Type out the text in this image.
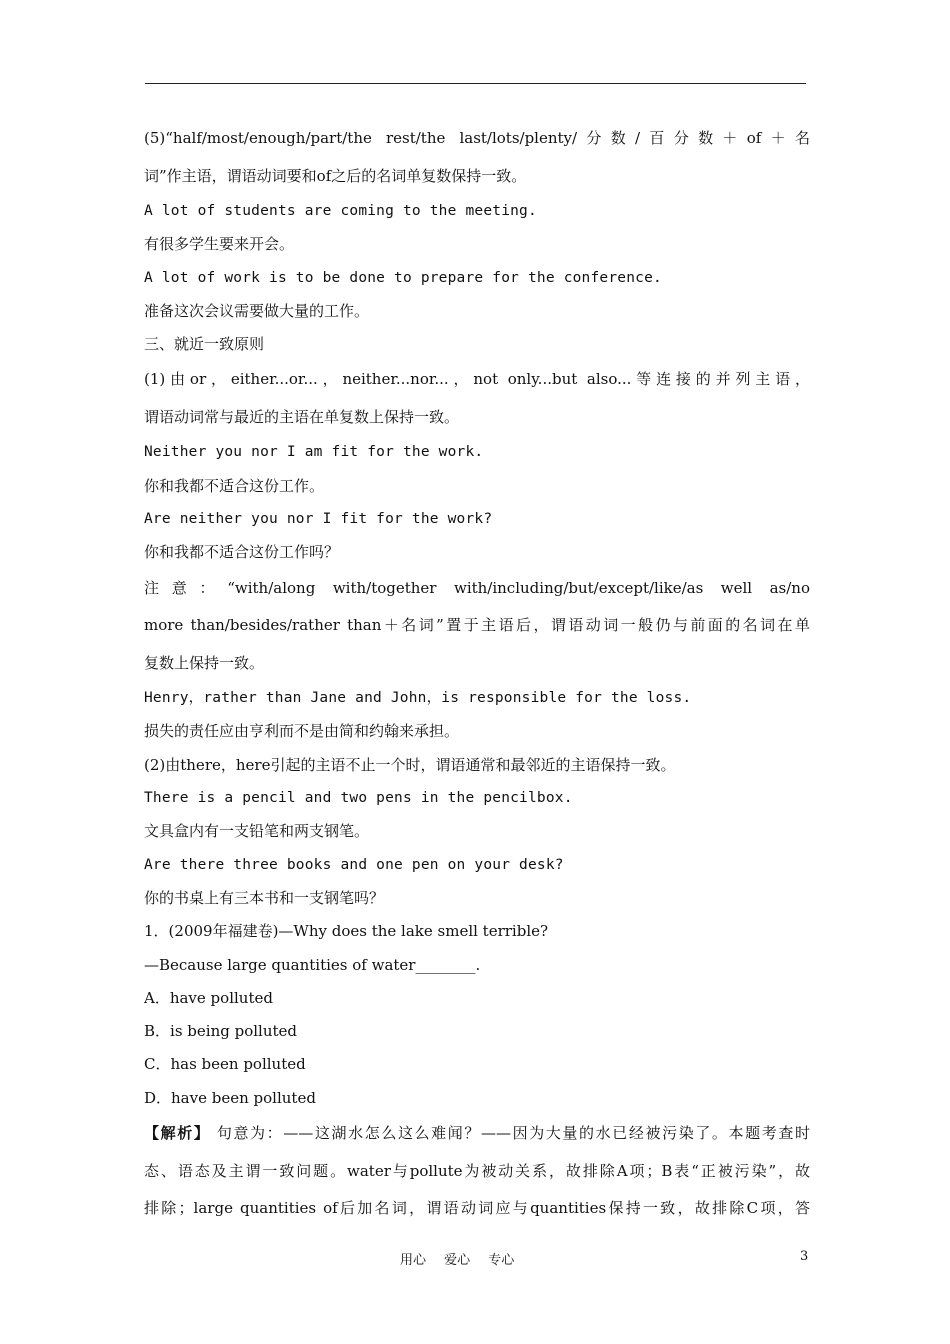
(5)“half/most/enough/part/the rest/the last/lots/plenty/分数/百分数＋of＋名
词”作主语，谓语动词要和of之后的名词单复数保持一致。
A lot of students are coming to the meeting.
有很多学生要来开会。
A lot of work is to be done to prepare for the conference.
准备这次会议需要做大量的工作。
三、就近一致原则
(1)由or，either...or...，neither...nor...，not only...but also...等连接的并列主语，
谓语动词常与最近的主语在单复数上保持一致。
Neither you nor I am fit for the work.
你和我都不适合这份工作。
Are neither you nor I fit for the work?
你和我都不适合这份工作吗？
注意：“with/along with/together with/including/but/except/like/as well as/no
more than/besides/rather than＋名词”置于主语后，谓语动词一般仍与前面的名词在单
复数上保持一致。
Henry，rather than Jane and John，is responsible for the loss.
损失的责任应由亨利而不是由简和约翰来承担。
(2)由there，here引起的主语不止一个时，谓语通常和最邻近的主语保持一致。
There is a pencil and two pens in the pencilbox.
文具盒内有一支铅笔和两支钢笔。
Are there three books and one pen on your desk?
你的书桌上有三本书和一支钢笔吗？
1．(2009年福建卷)—Why does the lake smell terrible?
—Because large quantities of water________.
A．have polluted
B．is being polluted
C．has been polluted
D．have been polluted
【解析】 句意为：——这湖水怎么这么难闻？——因为大量的水已经被污染了。本题考查时
态、语态及主谓一致问题。water与pollute为被动关系，故排除A项；B表“正被污染”，故
排除；large quantities of后加名词，谓语动词应与quantities保持一致，故排除C项，答
用心 爱心 专心	3
